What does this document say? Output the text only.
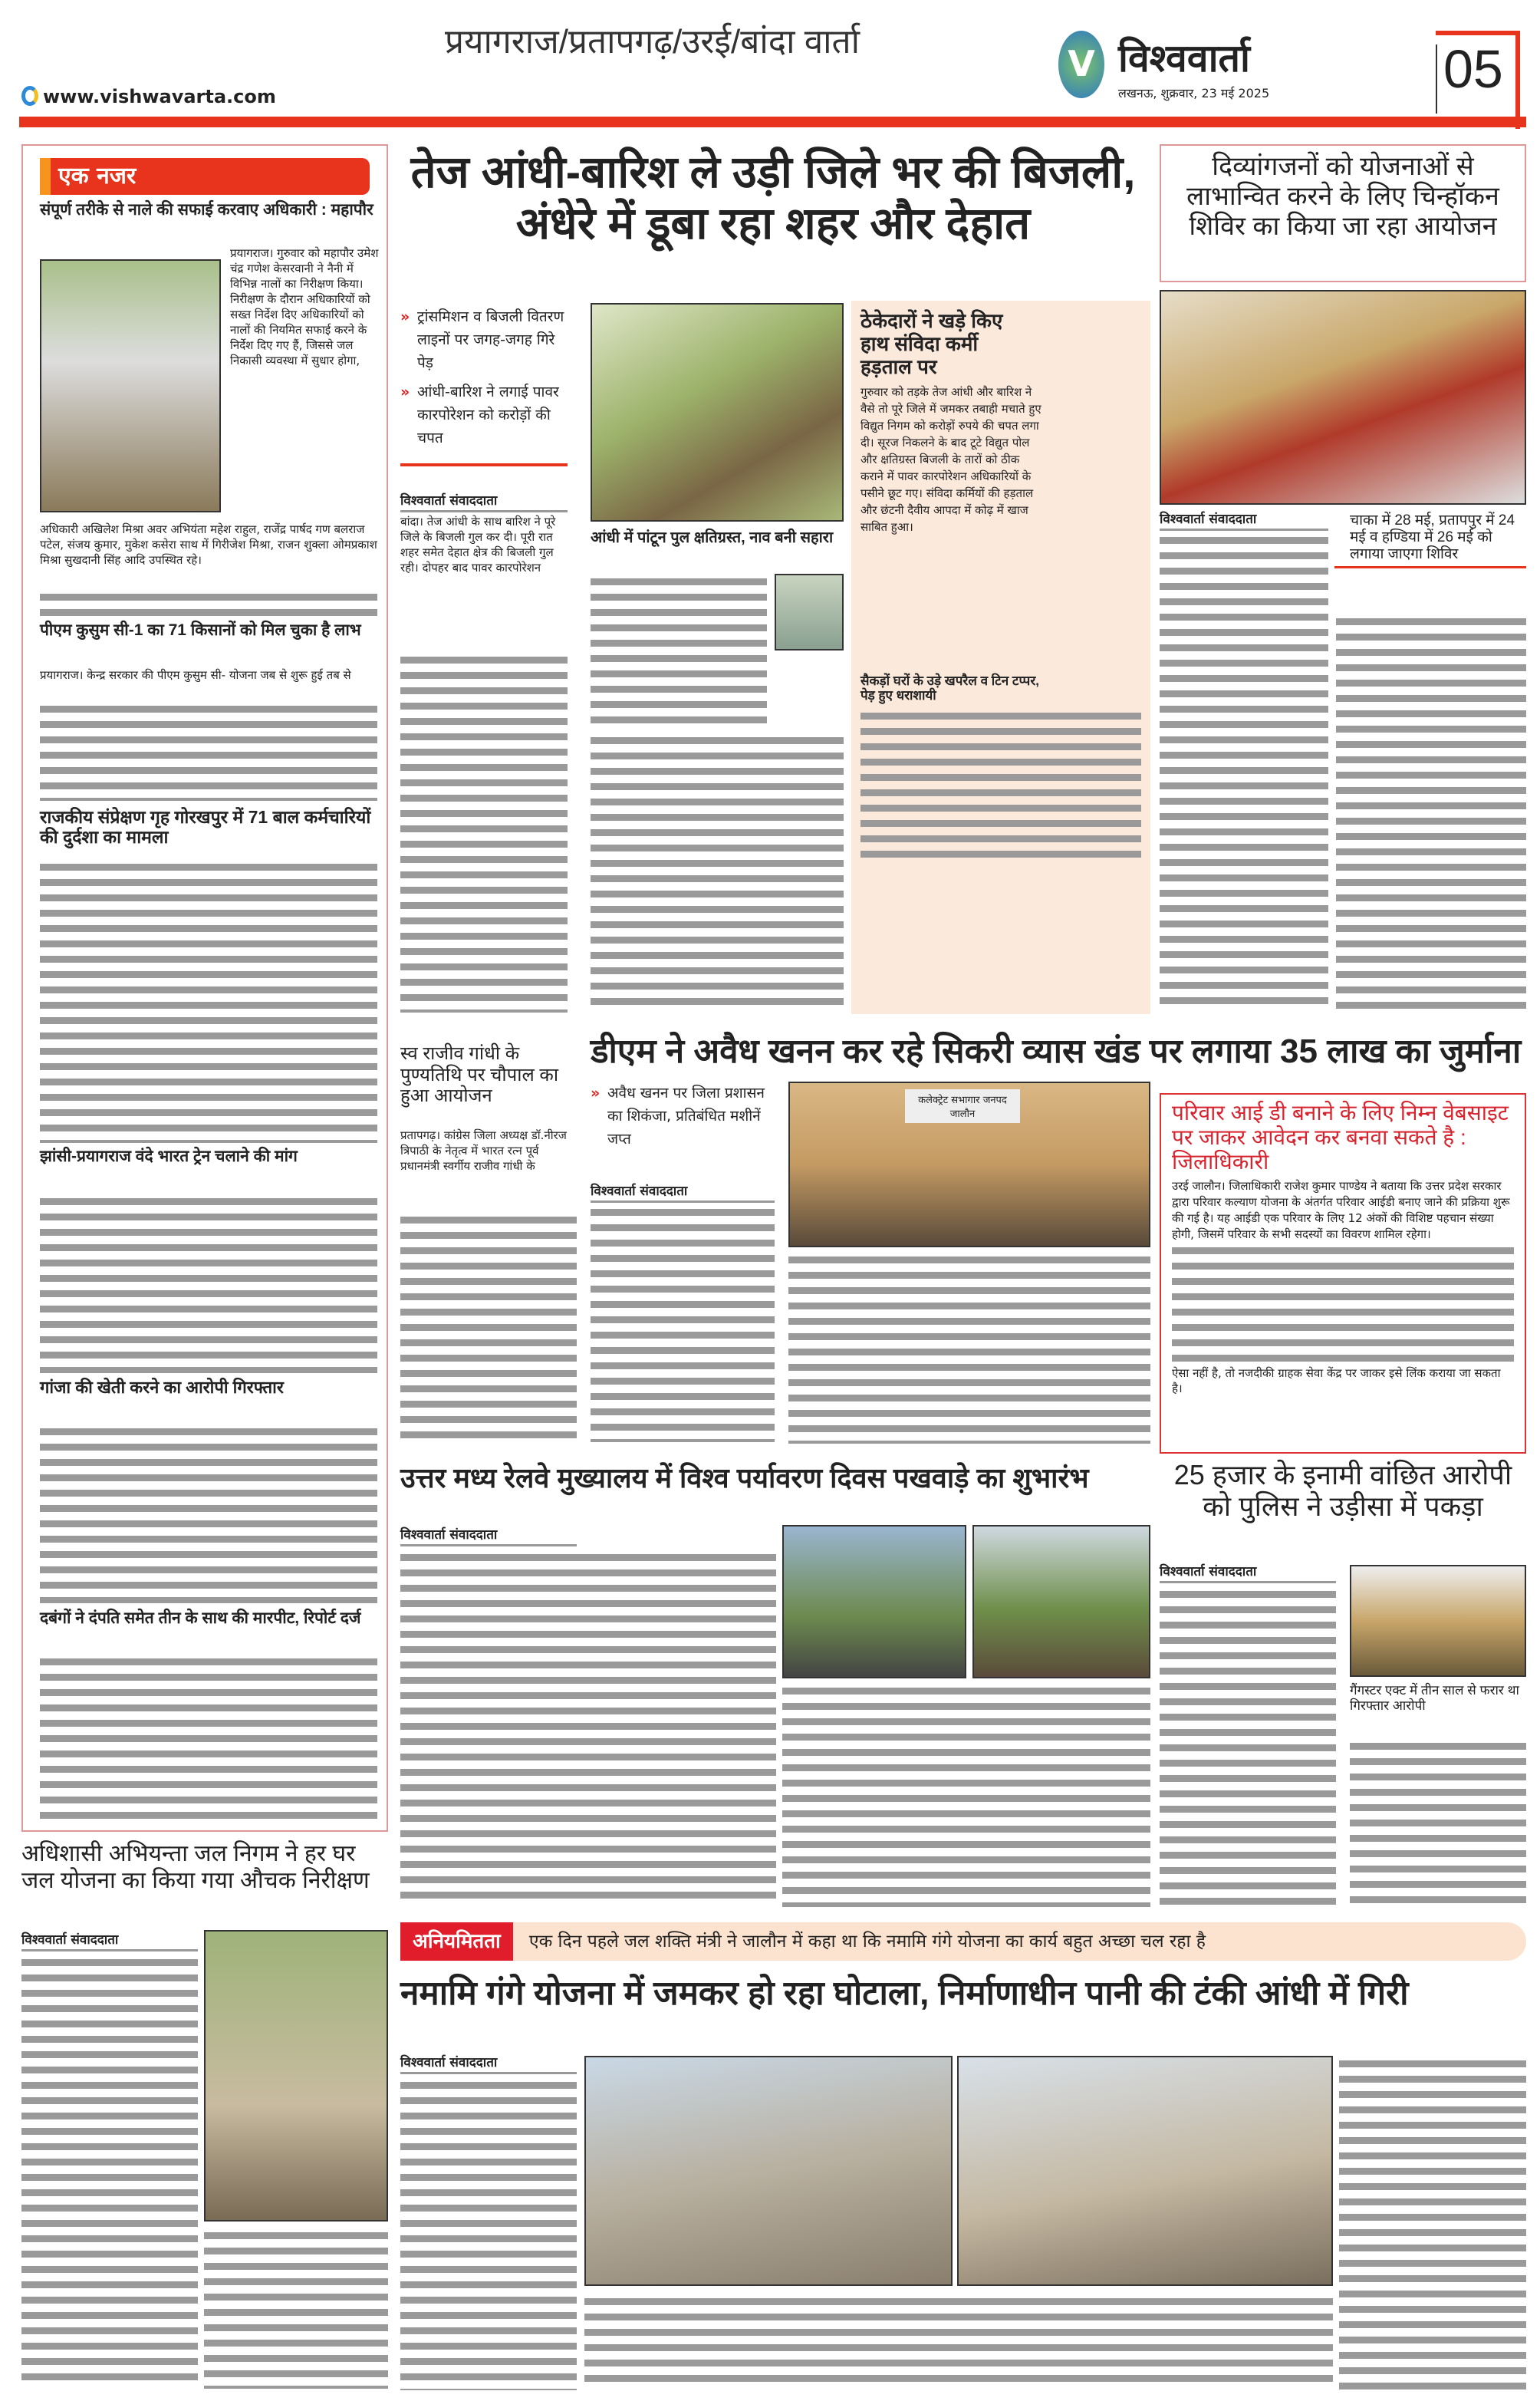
प्रयागराज/प्रतापगढ़/उरई/बांदा वार्ता
www.vishwavarta.com
V विश्ववार्ता
लखनऊ, शुक्रवार, 23 मई 2025	05
एक नजर
संपूर्ण तरीके से नाले की सफाई करवाए अधिकारी : महापौर
प्रयागराज। गुरुवार को महापौर उमेश चंद्र गणेश केसरवानी ने नैनी में विभिन्न नालों का निरीक्षण किया। निरीक्षण के दौरान अधिकारियों को सख्त निर्देश दिए अधिकारियों को नालों की नियमित सफाई करने के निर्देश दिए गए हैं, जिससे जल निकासी व्यवस्था में सुधार होगा,
अधिकारी अखिलेश मिश्रा अवर अभियंता महेश राहुल, राजेंद्र पार्षद गण बलराज पटेल, संजय कुमार, मुकेश कसेरा साथ में गिरीजेश मिश्रा, राजन शुक्ला ओमप्रकाश मिश्रा सुखदानी सिंह आदि उपस्थित रहे।
पीएम कुसुम सी-1 का 71 किसानों को मिल चुका है लाभ
प्रयागराज। केन्द्र सरकार की पीएम कुसुम सी- योजना जब से शुरू हुई तब से
राजकीय संप्रेक्षण गृह गोरखपुर में 71 बाल कर्मचारियों की दुर्दशा का मामला
झांसी-प्रयागराज वंदे भारत ट्रेन चलाने की मांग
गांजा की खेती करने का आरोपी गिरफ्तार
दबंगों ने दंपति समेत तीन के साथ की मारपीट, रिपोर्ट दर्ज
अधिशासी अभियन्ता जल निगम ने हर घर जल योजना का किया गया औचक निरीक्षण
विश्ववार्ता संवाददाता
तेज आंधी-बारिश ले उड़ी जिले भर की बिजली, अंधेरे में डूबा रहा शहर और देहात
» ट्रांसमिशन व बिजली वितरण लाइनों पर जगह-जगह गिरे पेड़
» आंधी-बारिश ने लगाई पावर कारपोरेशन को करोड़ों की चपत
विश्ववार्ता संवाददाता
बांदा। तेज आंधी के साथ बारिश ने पूरे जिले के बिजली गुल कर दी। पूरी रात शहर समेत देहात क्षेत्र की बिजली गुल रही। दोपहर बाद पावर कारपोरेशन
आंधी में पांटून पुल क्षतिग्रस्त, नाव बनी सहारा
ठेकेदारों ने खड़े किए हाथ संविदा कर्मी हड़ताल पर
गुरुवार को तड़के तेज आंधी और बारिश ने वैसे तो पूरे जिले में जमकर तबाही मचाते हुए विद्युत निगम को करोड़ों रुपये की चपत लगा दी। सूरज निकलने के बाद टूटे विद्युत पोल और क्षतिग्रस्त बिजली के तारों को ठीक कराने में पावर कारपोरेशन अधिकारियों के पसीने छूट गए। संविदा कर्मियों की हड़ताल और छंटनी दैवीय आपदा में कोढ़ में खाज साबित हुआ।
सैकड़ों घरों के उड़े खपरैल व टिन टप्पर, पेड़ हुए धराशायी
दिव्यांगजनों को योजनाओं से लाभान्वित करने के लिए चिन्हॉकन शिविर का किया जा रहा आयोजन
विश्ववार्ता संवाददाता	चाका में 28 मई, प्रतापपुर में 24 मई व हण्डिया में 26 मई को लगाया जाएगा शिविर
स्व राजीव गांधी के पुण्यतिथि पर चौपाल का हुआ आयोजन
प्रतापगढ़। कांग्रेस जिला अध्यक्ष डॉ.नीरज त्रिपाठी के नेतृत्व में भारत रत्न पूर्व प्रधानमंत्री स्वर्गीय राजीव गांधी के
डीएम ने अवैध खनन कर रहे सिकरी व्यास खंड पर लगाया 35 लाख का जुर्माना
» अवैध खनन पर जिला प्रशासन का शिकंजा, प्रतिबंधित मशीनें जप्त
विश्ववार्ता संवाददाता
कलेक्ट्रेट सभागार जनपद जालौन	परिवार आई डी बनाने के लिए निम्न वेबसाइट पर जाकर आवेदन कर बनवा सकते है : जिलाधिकारी
उरई जालौन। जिलाधिकारी राजेश कुमार पाण्डेय ने बताया कि उत्तर प्रदेश सरकार द्वारा परिवार कल्याण योजना के अंतर्गत परिवार आईडी बनाए जाने की प्रक्रिया शुरू की गई है। यह आईडी एक परिवार के लिए 12 अंकों की विशिष्ट पहचान संख्या होगी, जिसमें परिवार के सभी सदस्यों का विवरण शामिल रहेगा।
ऐसा नहीं है, तो नजदीकी ग्राहक सेवा केंद्र पर जाकर इसे लिंक कराया जा सकता है।
उत्तर मध्य रेलवे मुख्यालय में विश्व पर्यावरण दिवस पखवाड़े का शुभारंभ
विश्ववार्ता संवाददाता
25 हजार के इनामी वांछित आरोपी को पुलिस ने उड़ीसा में पकड़ा
विश्ववार्ता संवाददाता
गैंगस्टर एक्ट में तीन साल से फरार था गिरफ्तार आरोपी
अनियमितता एक दिन पहले जल शक्ति मंत्री ने जालौन में कहा था कि नमामि गंगे योजना का कार्य बहुत अच्छा चल रहा है
नमामि गंगे योजना में जमकर हो रहा घोटाला, निर्माणाधीन पानी की टंकी आंधी में गिरी
विश्ववार्ता संवाददाता
